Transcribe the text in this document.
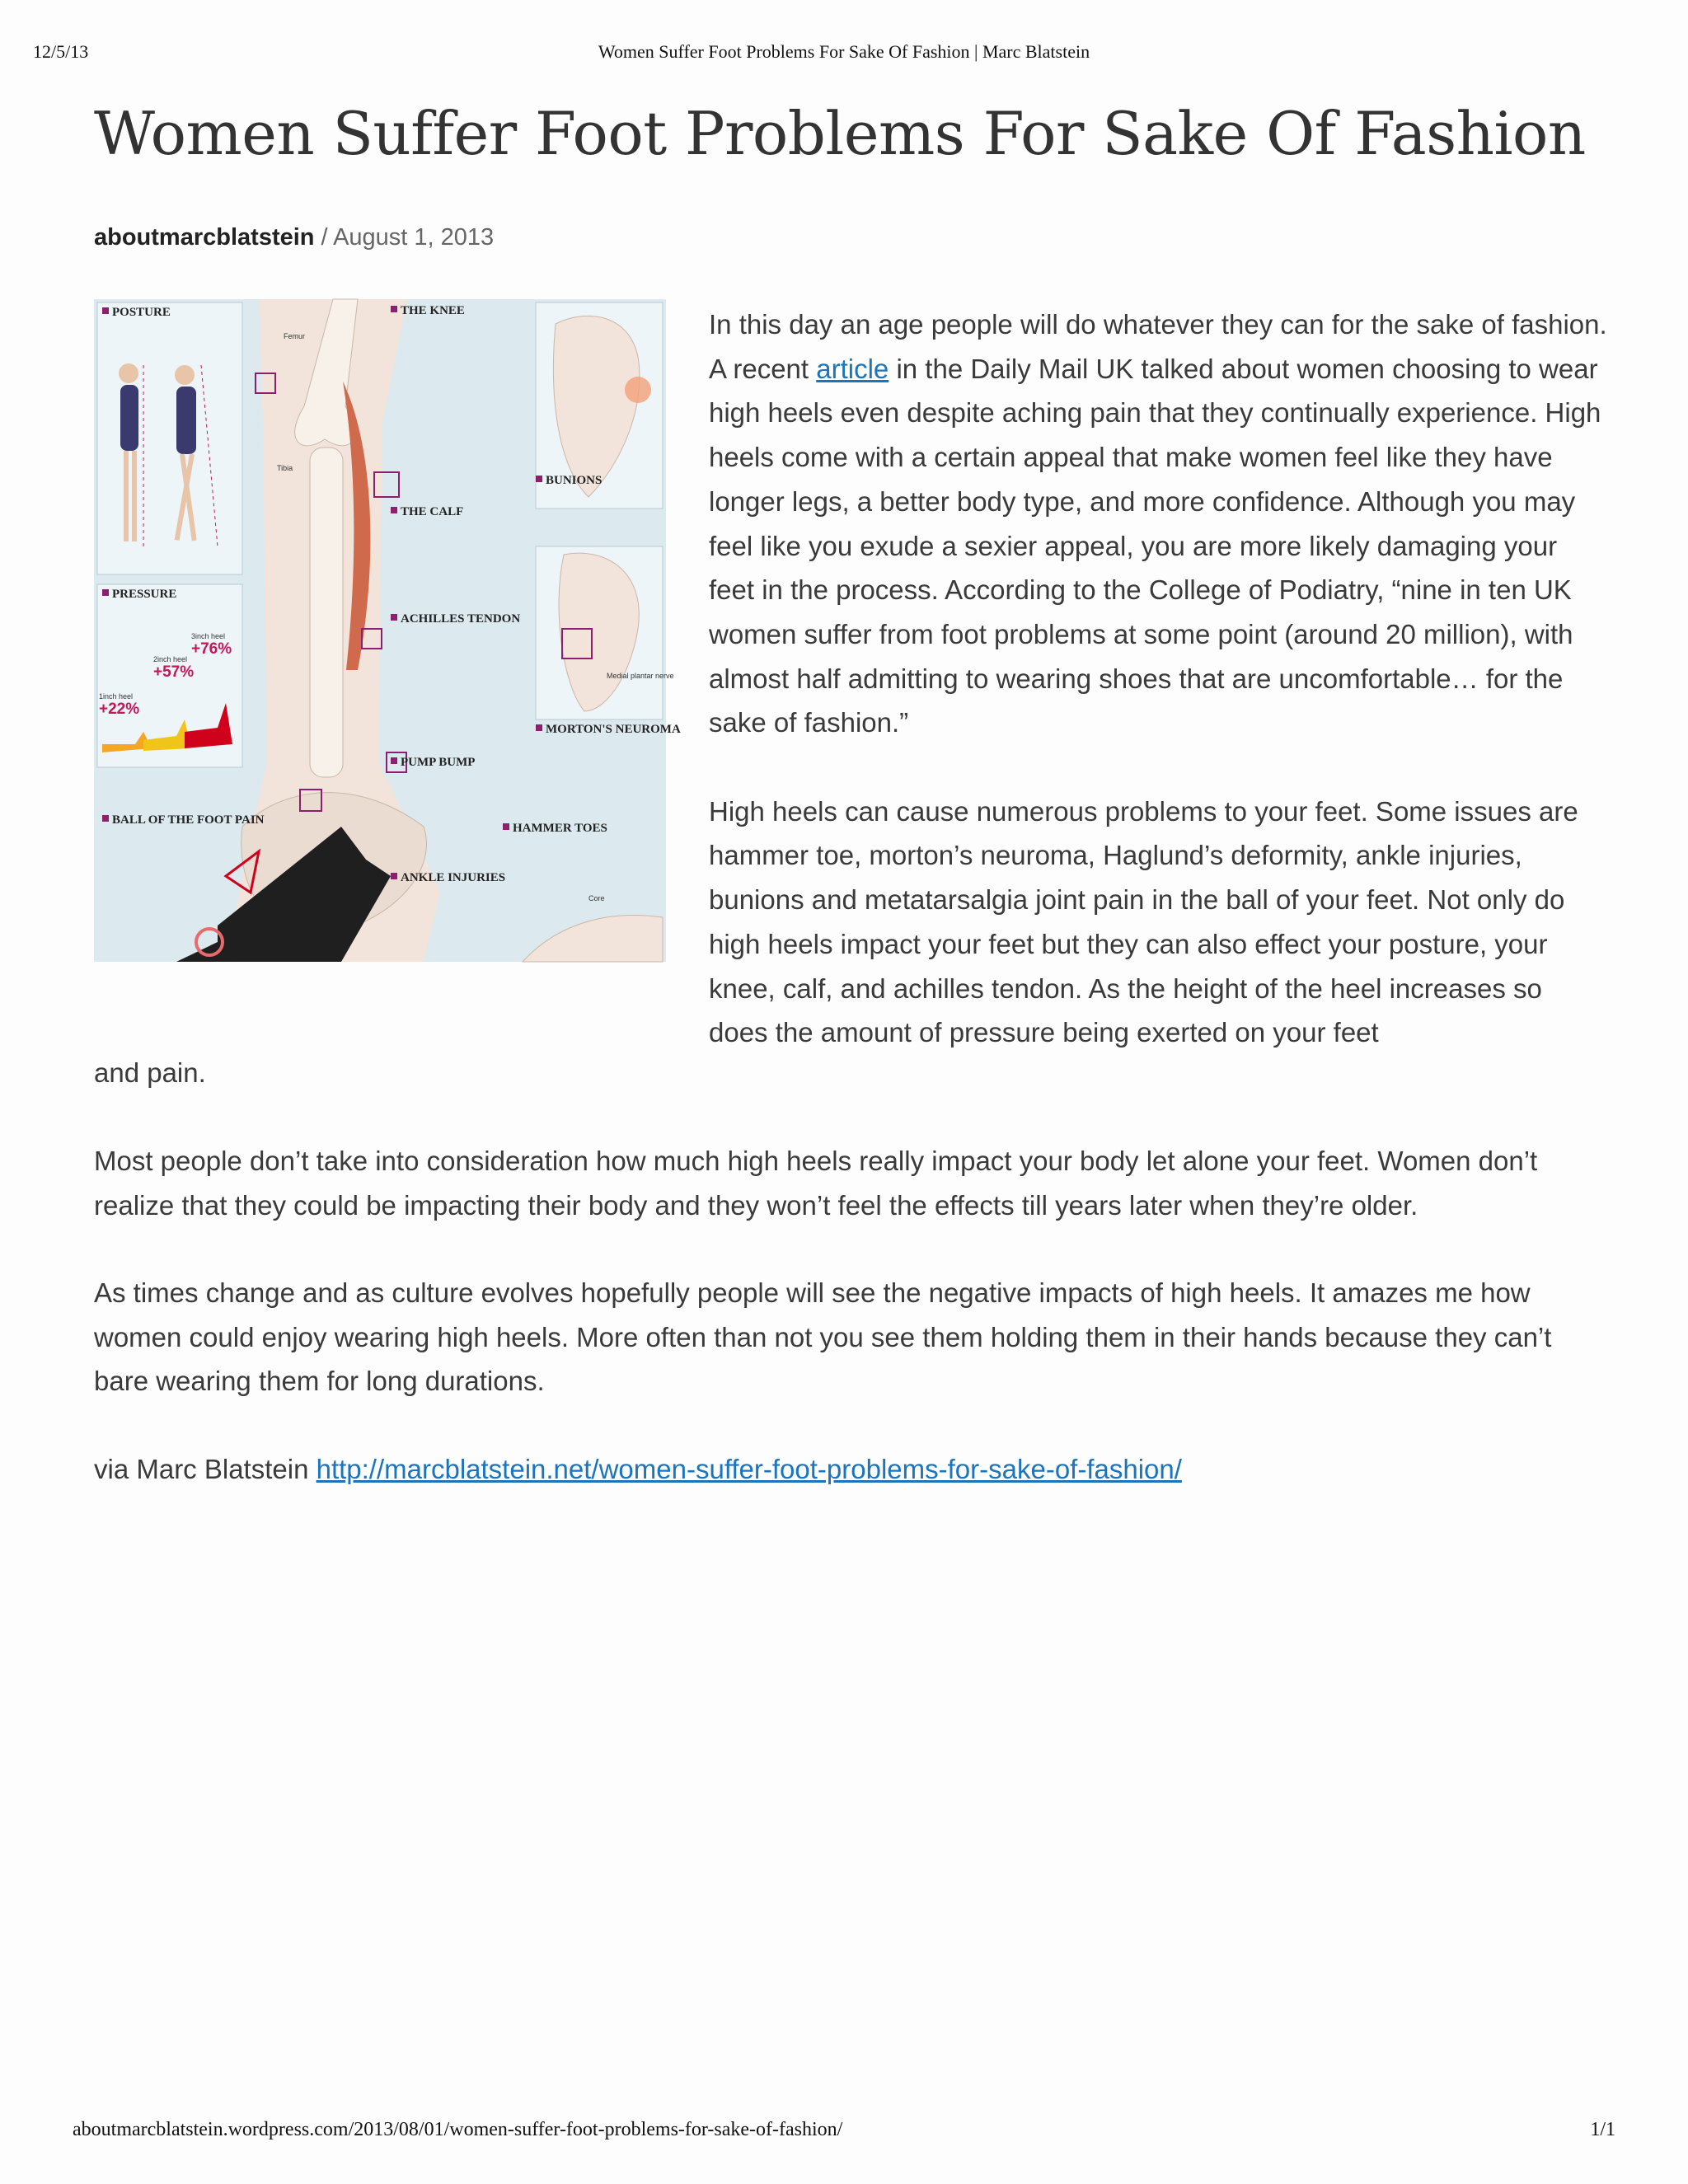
12/5/13	Women Suffer Foot Problems For Sake Of Fashion | Marc Blatstein
Women Suffer Foot Problems For Sake Of Fashion
aboutmarcblatstein / August 1, 2013
POSTURE
PRESSURE
2inch heel
+57%
3inch heel
+76%
1inch heel
+22%
Femur
Tibia
THE KNEE
THE CALF
ACHILLES TENDON
PUMP BUMP
ANKLE INJURIES
BALL OF THE FOOT PAIN
BUNIONS
Medial plantar nerve
MORTON'S NEUROMA
HAMMER TOES
Core

In this day an age people will do whatever they can for the sake of fashion. A recent article in the Daily Mail UK talked about women choosing to wear high heels even despite aching pain that they continually experience. High heels come with a certain appeal that make women feel like they have longer legs, a better body type, and more confidence. Although you may feel like you exude a sexier appeal, you are more likely damaging your feet in the process. According to the College of Podiatry, “nine in ten UK women suffer from foot problems at some point (around 20 million), with almost half admitting to wearing shoes that are uncomfortable… for the sake of fashion.”

High heels can cause numerous problems to your feet. Some issues are hammer toe, morton’s neuroma, Haglund’s deformity, ankle injuries, bunions and metatarsalgia joint pain in the ball of your feet. Not only do high heels impact your feet but they can also effect your posture, your knee, calf, and achilles tendon. As the height of the heel increases so does the amount of pressure being exerted on your feet

and pain.

Most people don’t take into consideration how much high heels really impact your body let alone your feet. Women don’t realize that they could be impacting their body and they won’t feel the effects till years later when they’re older.

As times change and as culture evolves hopefully people will see the negative impacts of high heels. It amazes me how women could enjoy wearing high heels. More often than not you see them holding them in their hands because they can’t bare wearing them for long durations.

via Marc Blatstein http://marcblatstein.net/women-suffer-foot-problems-for-sake-of-fashion/

aboutmarcblatstein.wordpress.com/2013/08/01/women-suffer-foot-problems-for-sake-of-fashion/	1/1
